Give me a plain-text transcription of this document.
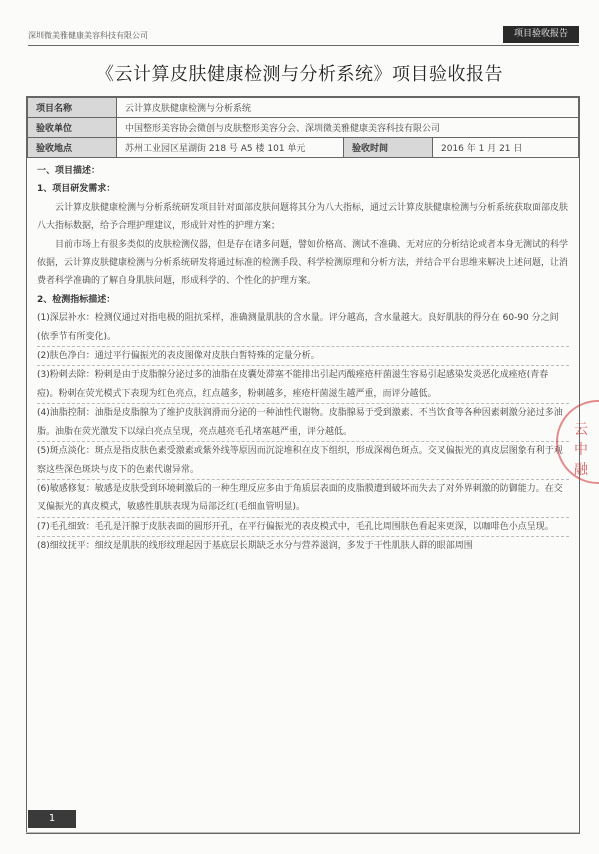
深圳微美雅健康美容科技有限公司	项目验收报告
《云计算皮肤健康检测与分析系统》项目验收报告
项目名称	云计算皮肤健康检测与分析系统		
验收单位	中国整形美容协会微创与皮肤整形美容分会、深圳微美雅健康美容科技有限公司		
验收地点	苏州工业园区星湖街 218 号 A5 楼 101 单元	验收时间	2016 年 1 月 21 日
一、项目描述：
1、项目研发需求：

云计算皮肤健康检测与分析系统研发项目针对面部皮肤问题将其分为八大指标，通过云计算皮肤健康检测与分析系统获取面部皮肤八大指标数据，给予合理护理建议，形成针对性的护理方案；

目前市场上有很多类似的皮肤检测仪器，但是存在诸多问题，譬如价格高、测试不准确、无对应的分析结论或者本身无测试的科学依据，云计算皮肤健康检测与分析系统研发将通过标准的检测手段、科学检测原理和分析方法，并结合平台思维来解决上述问题，让消费者科学准确的了解自身肌肤问题，形成科学的、个性化的护理方案。

2、检测指标描述：

(1)深层补水：检测仪通过对指电极的阻抗采样，准确测量肌肤的含水量。评分越高，含水量越大。良好肌肤的得分在 60-90 分之间(依季节有所变化)。

(2)肤色净白：通过平行偏振光的表皮图像对皮肤白皙特殊的定量分析。

(3)粉刺去除：粉刺是由于皮脂腺分泌过多的油脂在皮囊处滞塞不能排出引起丙酸痤疮杆菌滋生容易引起感染发炎恶化成痤疮(青春痘)。粉刺在荧光模式下表现为红色亮点，红点越多，粉刺越多，痤疮杆菌滋生越严重，而评分越低。

(4)油脂控制：油脂是皮脂腺为了维护皮肤润滑而分泌的一种油性代谢物。皮脂腺易于受到激素、不当饮食等各种因素刺激分泌过多油脂。油脂在荧光激发下以绿白亮点呈现，亮点越亮毛孔堵塞越严重，评分越低。

(5)斑点淡化：斑点是指皮肤色素受激素或紫外线等原因而沉淀堆积在皮下组织，形成深褐色斑点。交叉偏振光的真皮层图象有利于观察这些深色斑块与皮下的色素代谢异常。

(6)敏感修复：敏感是皮肤受到环境刺激后的一种生理反应多由于角质层表面的皮脂膜遭到破坏而失去了对外界刺激的防御能力。在交叉偏振光的真皮模式，敏感性肌肤表现为局部泛红(毛细血管明显)。

(7)毛孔细致：毛孔是汗腺于皮肤表面的圆形开孔，在平行偏振光的表皮模式中，毛孔比周围肤色看起来更深，以咖啡色小点呈现。

(8)细纹抚平：细纹是肌肤的线形纹理起因于基底层长期缺乏水分与营养滋润，多发于干性肌肤人群的眼部周围

云
中
融
1
